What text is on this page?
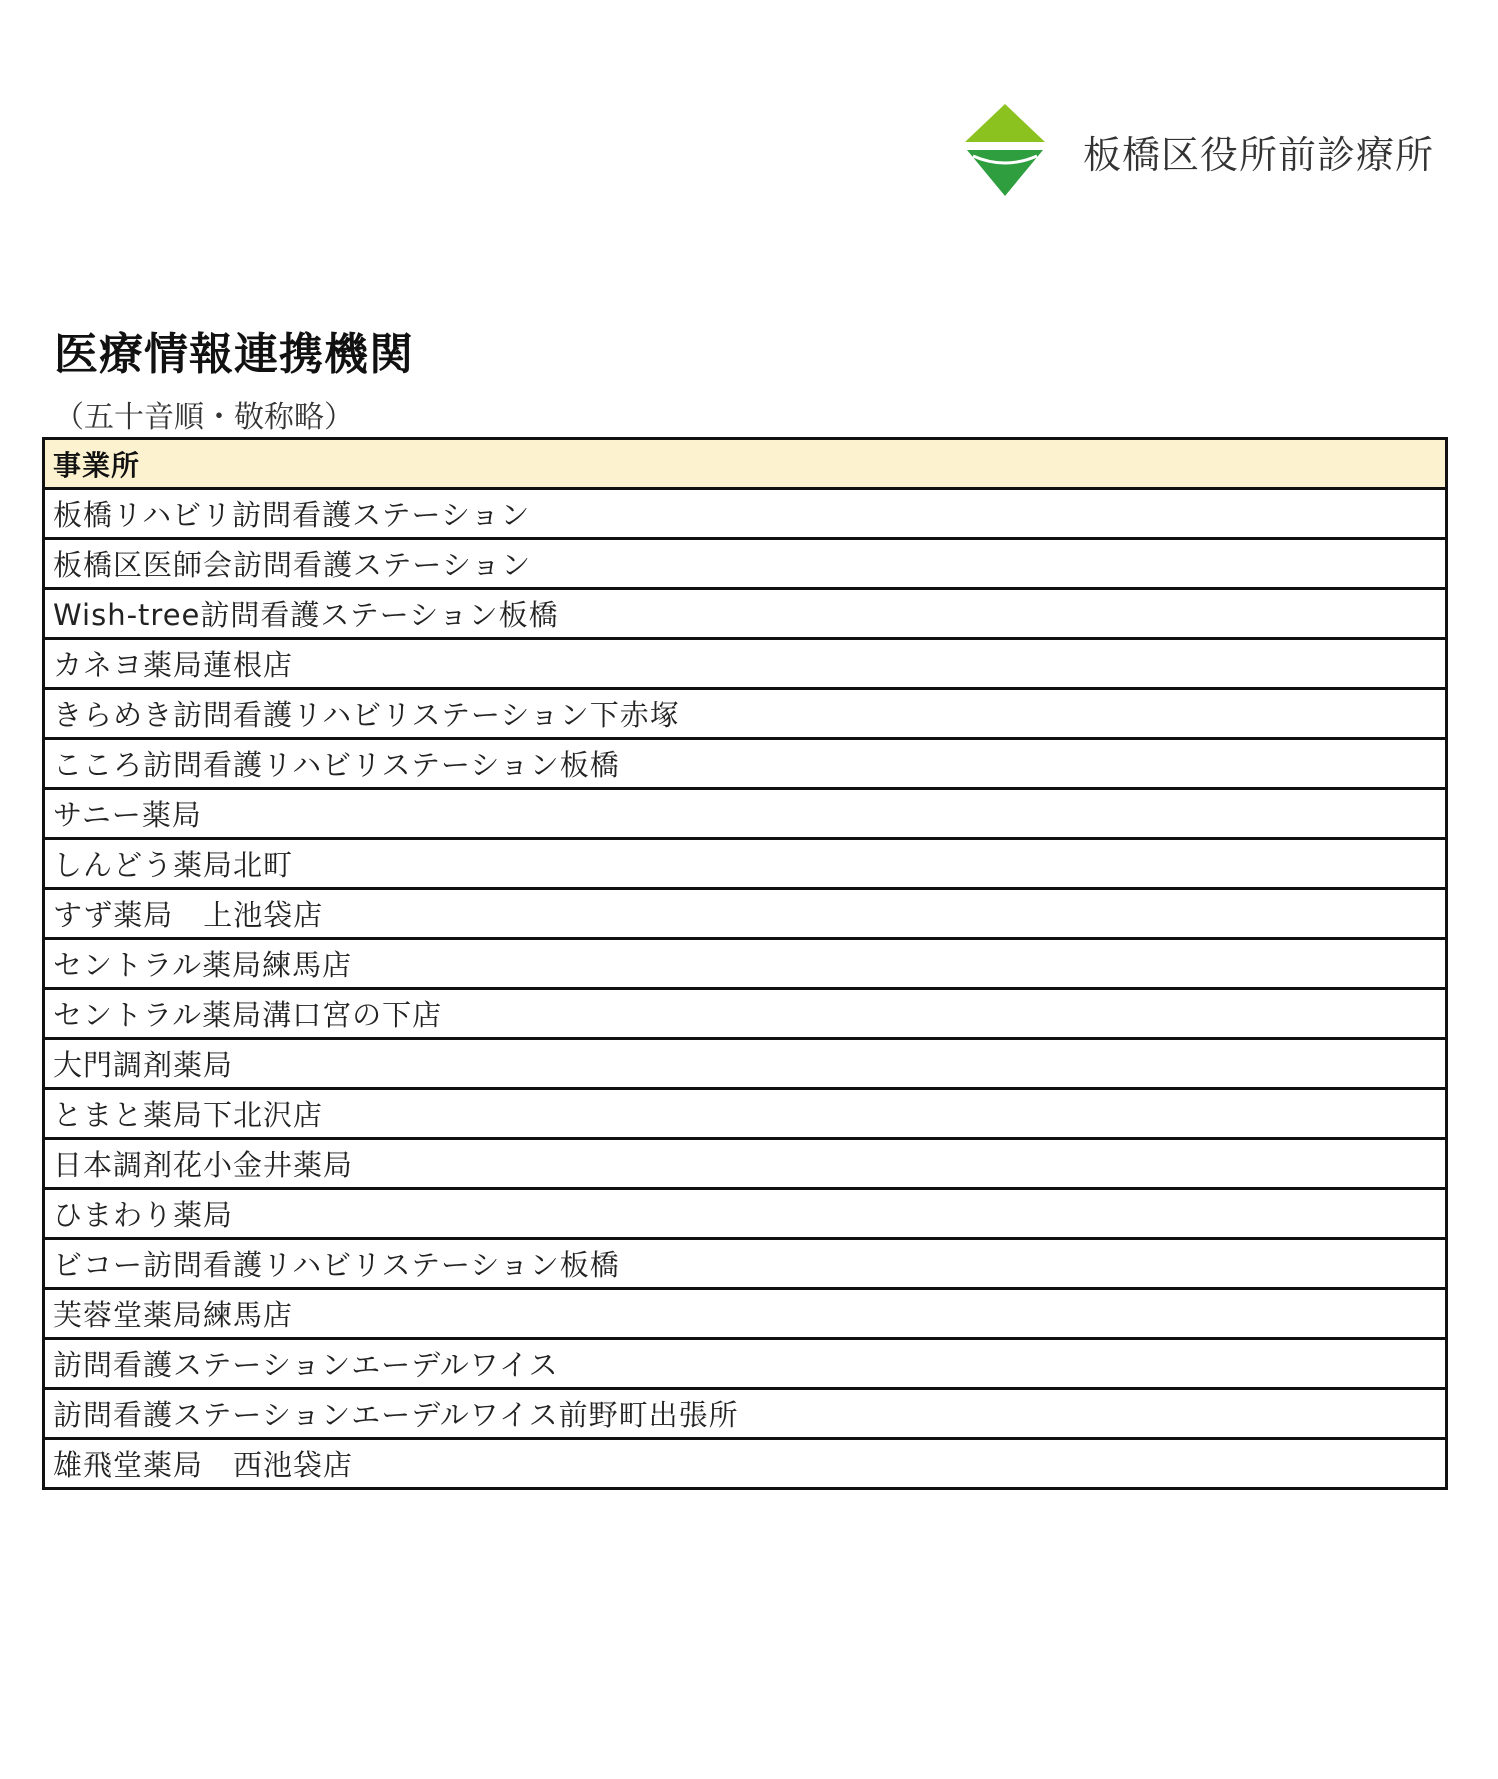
板橋区役所前診療所
医療情報連携機関
（五十音順・敬称略）
事業所
板橋リハビリ訪問看護ステーション
板橋区医師会訪問看護ステーション
Wish-tree訪問看護ステーション板橋
カネヨ薬局蓮根店
きらめき訪問看護リハビリステーション下赤塚
こころ訪問看護リハビリステーション板橋
サニー薬局
しんどう薬局北町
すず薬局　上池袋店
セントラル薬局練馬店
セントラル薬局溝口宮の下店
大門調剤薬局
とまと薬局下北沢店
日本調剤花小金井薬局
ひまわり薬局
ビコー訪問看護リハビリステーション板橋
芙蓉堂薬局練馬店
訪問看護ステーションエーデルワイス
訪問看護ステーションエーデルワイス前野町出張所
雄飛堂薬局　西池袋店
